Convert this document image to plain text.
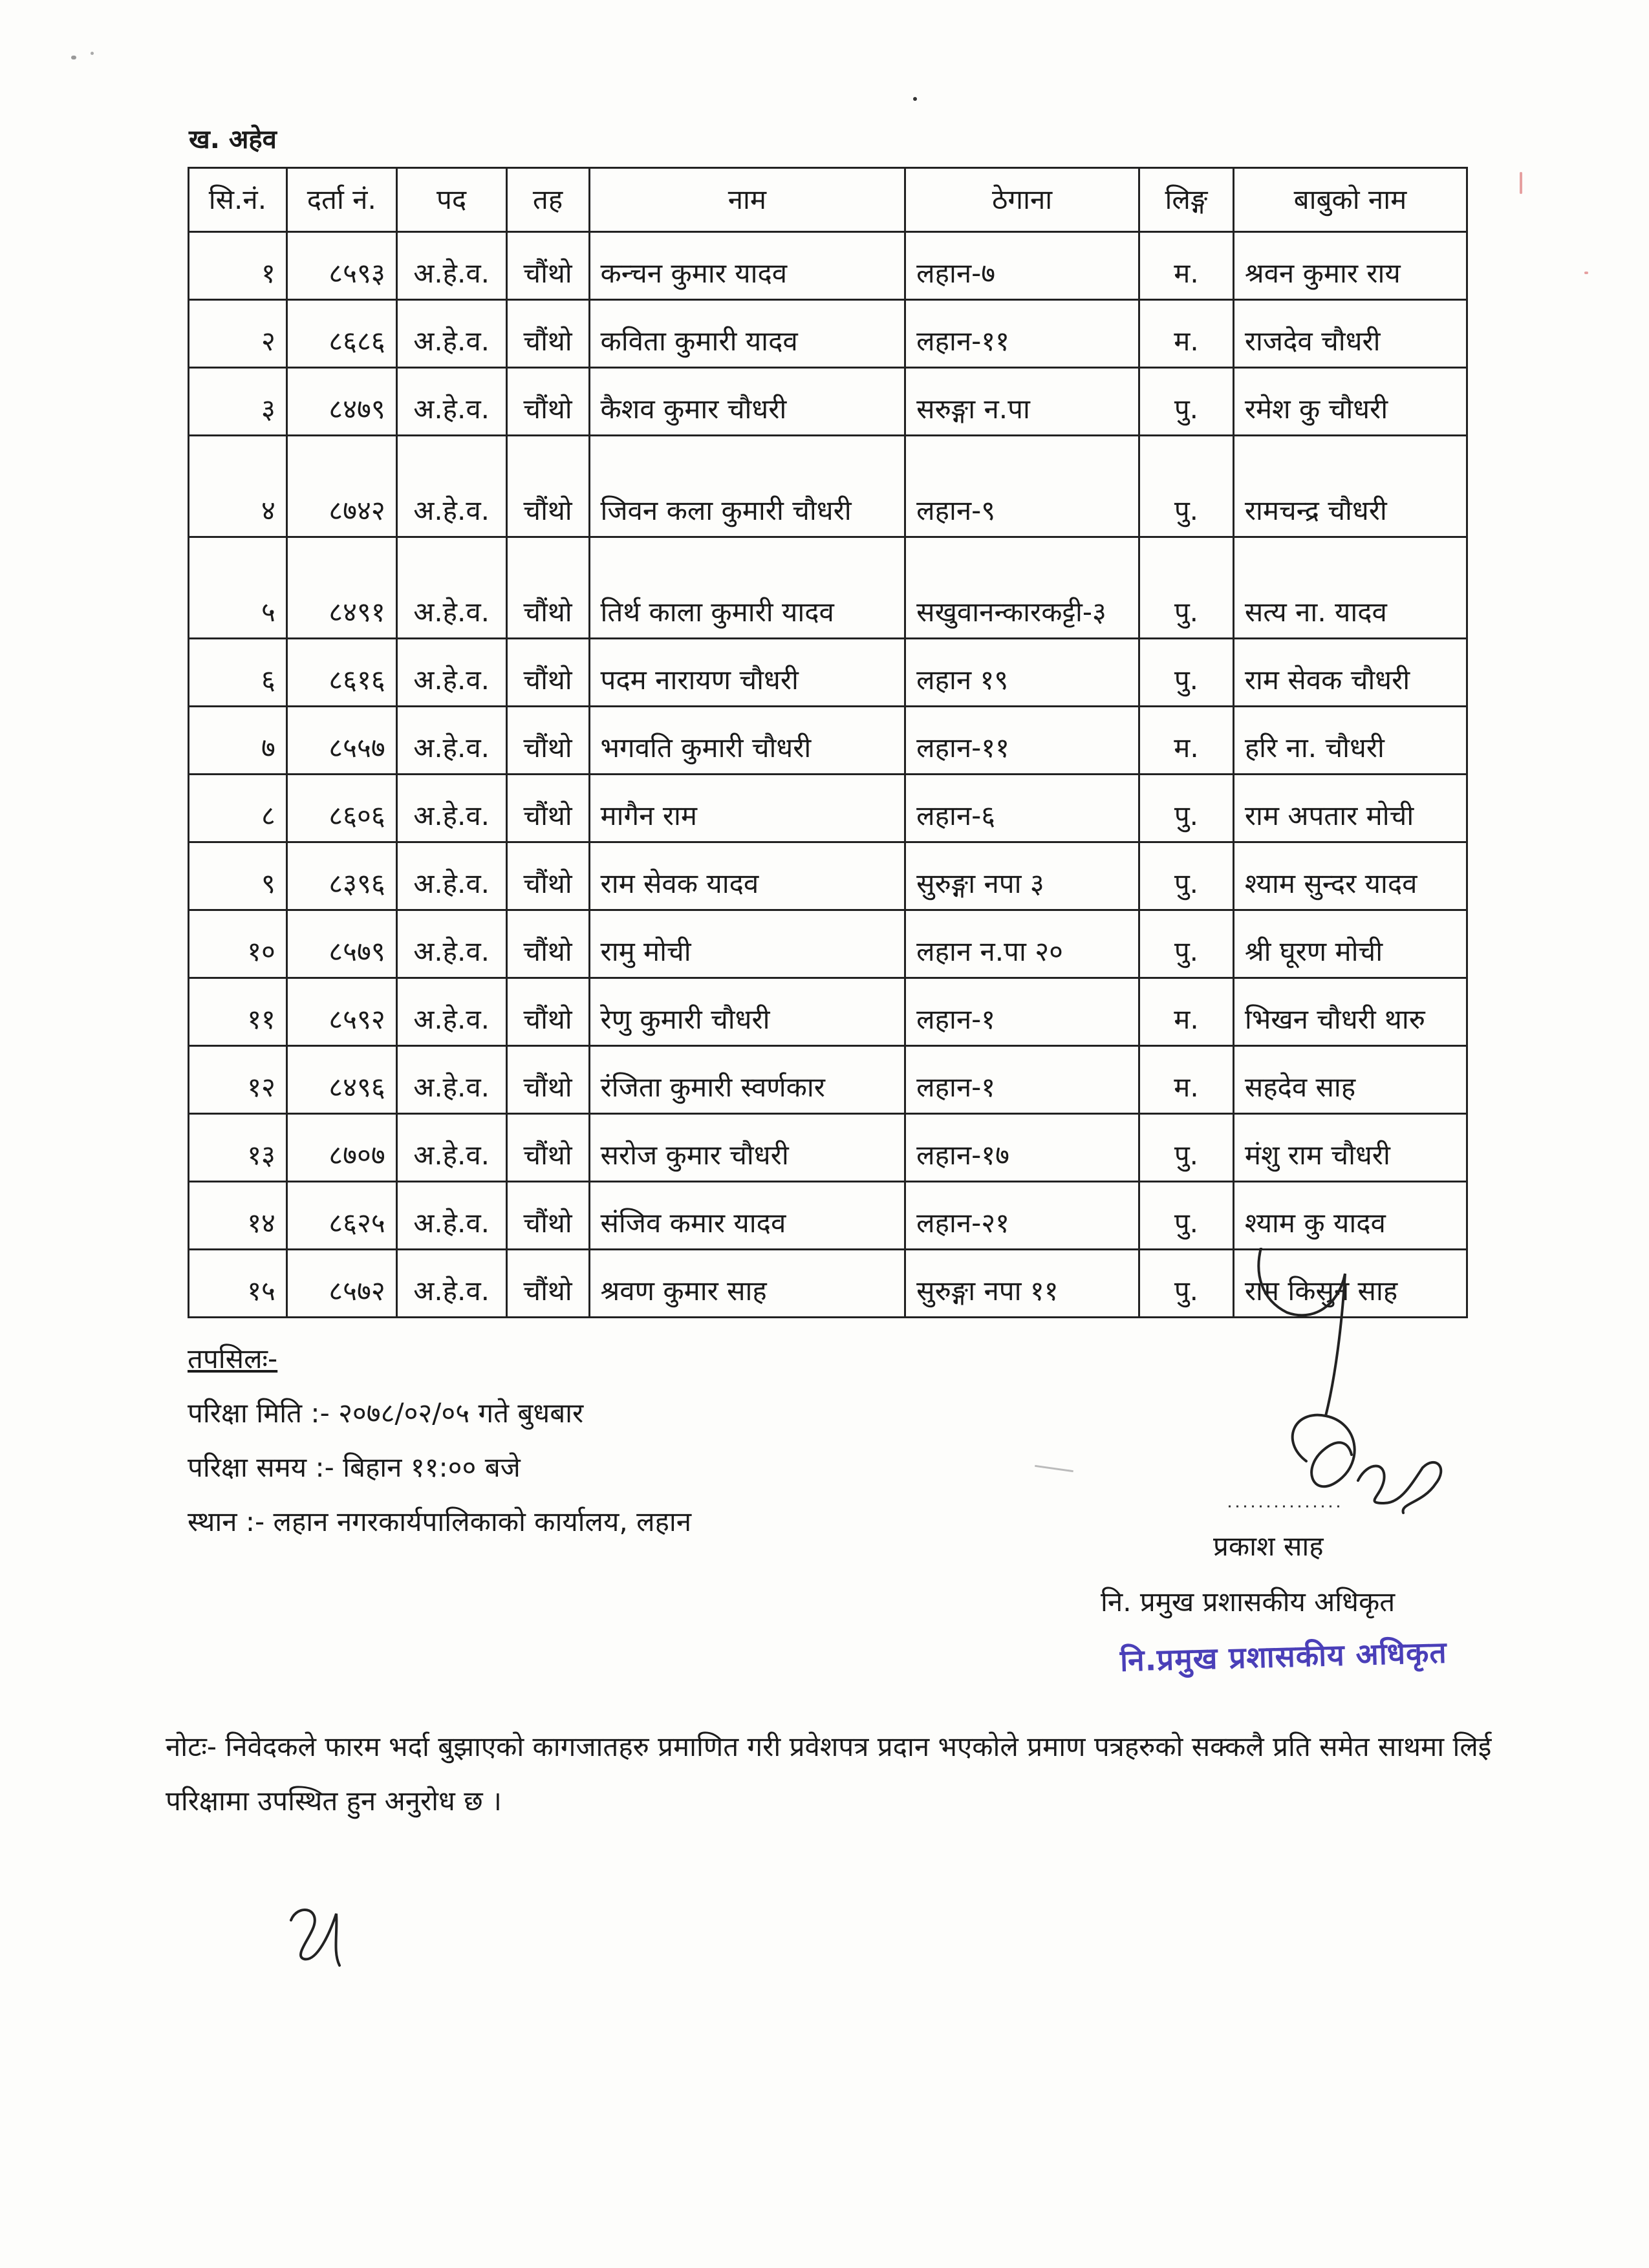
ख. अहेव
सि.नं.	दर्ता नं.	पद	तह	नाम	ठेगाना	लिङ्ग	बाबुको नाम
१	८५९३	अ.हे.व.	चौंथो	कन्चन कुमार यादव	लहान-७	म.	श्रवन कुमार राय
२	८६८६	अ.हे.व.	चौंथो	कविता कुमारी यादव	लहान-११	म.	राजदेव चौधरी
३	८४७९	अ.हे.व.	चौंथो	कैशव कुमार चौधरी	सरुङ्गा न.पा	पु.	रमेश कु चौधरी
४	८७४२	अ.हे.व.	चौंथो	जिवन कला कुमारी चौधरी	लहान-९	पु.	रामचन्द्र चौधरी
५	८४९१	अ.हे.व.	चौंथो	तिर्थ काला कुमारी यादव	सखुवानन्कारकट्टी-३	पु.	सत्य ना. यादव
६	८६१६	अ.हे.व.	चौंथो	पदम नारायण चौधरी	लहान १९	पु.	राम सेवक चौधरी
७	८५५७	अ.हे.व.	चौंथो	भगवति कुमारी चौधरी	लहान-११	म.	हरि ना. चौधरी
८	८६०६	अ.हे.व.	चौंथो	मागैन राम	लहान-६	पु.	राम अपतार मोची
९	८३९६	अ.हे.व.	चौंथो	राम सेवक यादव	सुरुङ्गा नपा ३	पु.	श्याम सुन्दर यादव
१०	८५७९	अ.हे.व.	चौंथो	रामु मोची	लहान न.पा २०	पु.	श्री घूरण मोची
११	८५९२	अ.हे.व.	चौंथो	रेणु कुमारी चौधरी	लहान-१	म.	भिखन चौधरी थारु
१२	८४९६	अ.हे.व.	चौंथो	रंजिता कुमारी स्वर्णकार	लहान-१	म.	सहदेव साह
१३	८७०७	अ.हे.व.	चौंथो	सरोज कुमार चौधरी	लहान-१७	पु.	मंशु राम चौधरी
१४	८६२५	अ.हे.व.	चौंथो	संजिव कमार यादव	लहान-२१	पु.	श्याम कु यादव
१५	८५७२	अ.हे.व.	चौंथो	श्रवण कुमार साह	सुरुङ्गा नपा ११	पु.	राम किसुन साह
तपसिलः-
परिक्षा मिति :- २०७८/०२/०५ गते बुधबार
परिक्षा समय :- बिहान ११:०० बजे
स्थान :- लहान नगरकार्यपालिकाको कार्यालय, लहान
प्रकाश साह
नि. प्रमुख प्रशासकीय अधिकृत
नि.प्रमुख प्रशासकीय अधिकृत
नोटः- निवेदकले फारम भर्दा बुझाएको कागजातहरु प्रमाणित गरी प्रवेशपत्र प्रदान भएकोले प्रमाण पत्रहरुको सक्कलै प्रति समेत साथमा लिई परिक्षामा उपस्थित हुन अनुरोध छ ।
